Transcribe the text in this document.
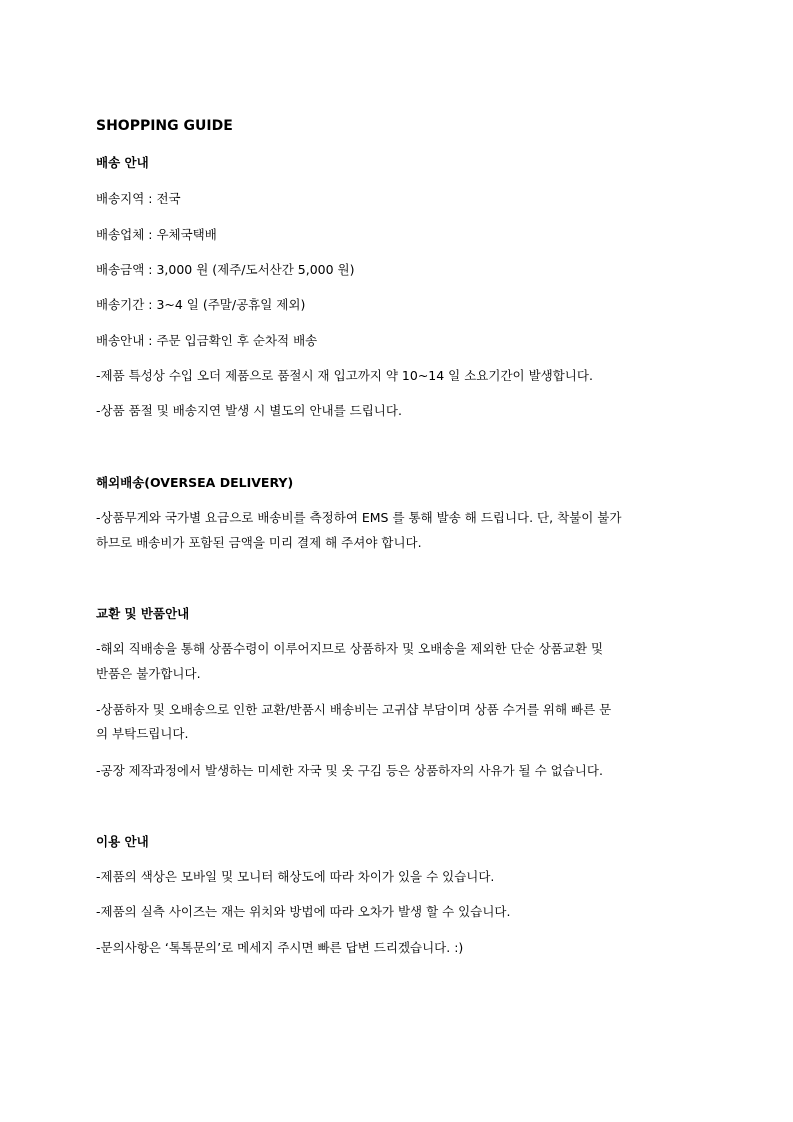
SHOPPING GUIDE

배송 안내

배송지역 : 전국

배송업체 : 우체국택배

배송금액 : 3,000 원 (제주/도서산간 5,000 원)

배송기간 : 3~4 일 (주말/공휴일 제외)

배송안내 : 주문 입금확인 후 순차적 배송

-제품 특성상 수입 오더 제품으로 품절시 재 입고까지 약 10~14 일 소요기간이 발생합니다.

-상품 품절 및 배송지연 발생 시 별도의 안내를 드립니다.

해외배송(OVERSEA DELIVERY)

-상품무게와 국가별 요금으로 배송비를 측정하여 EMS 를 통해 발송 해 드립니다. 단, 착불이 불가

하므로 배송비가 포함된 금액을 미리 결제 해 주셔야 합니다.

교환 및 반품안내

-해외 직배송을 통해 상품수령이 이루어지므로 상품하자 및 오배송을 제외한 단순 상품교환 및

반품은 불가합니다.

-상품하자 및 오배송으로 인한 교환/반품시 배송비는 고귀샵 부담이며 상품 수거를 위해 빠른 문

의 부탁드립니다.

-공장 제작과정에서 발생하는 미세한 자국 및 옷 구김 등은 상품하자의 사유가 될 수 없습니다.

이용 안내

-제품의 색상은 모바일 및 모니터 해상도에 따라 차이가 있을 수 있습니다.

-제품의 실측 사이즈는 재는 위치와 방법에 따라 오차가 발생 할 수 있습니다.

-문의사항은 ‘톡톡문의’로 메세지 주시면 빠른 답변 드리겠습니다. :)
